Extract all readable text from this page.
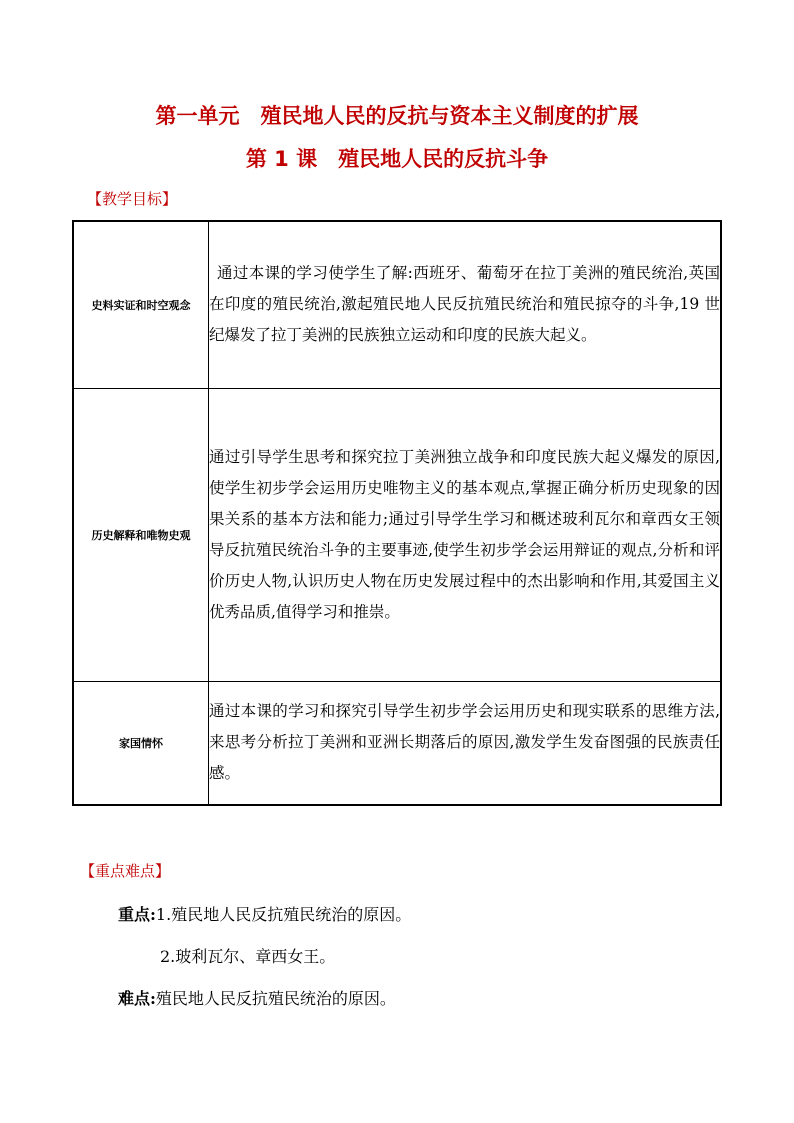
第一单元　殖民地人民的反抗与资本主义制度的扩展
第 1 课　殖民地人民的反抗斗争
【教学目标】
史料实证和时空观念	通过本课的学习使学生了解:西班牙、葡萄牙在拉丁美洲的殖民统治,英国在印度的殖民统治,激起殖民地人民反抗殖民统治和殖民掠夺的斗争,19 世纪爆发了拉丁美洲的民族独立运动和印度的民族大起义。
历史解释和唯物史观	通过引导学生思考和探究拉丁美洲独立战争和印度民族大起义爆发的原因,使学生初步学会运用历史唯物主义的基本观点,掌握正确分析历史现象的因果关系的基本方法和能力;通过引导学生学习和概述玻利瓦尔和章西女王领导反抗殖民统治斗争的主要事迹,使学生初步学会运用辩证的观点,分析和评价历史人物,认识历史人物在历史发展过程中的杰出影响和作用,其爱国主义优秀品质,值得学习和推崇。
家国情怀	通过本课的学习和探究引导学生初步学会运用历史和现实联系的思维方法,来思考分析拉丁美洲和亚洲长期落后的原因,激发学生发奋图强的民族责任感。
【重点难点】
重点:1.殖民地人民反抗殖民统治的原因。
2.玻利瓦尔、章西女王。
难点:殖民地人民反抗殖民统治的原因。
